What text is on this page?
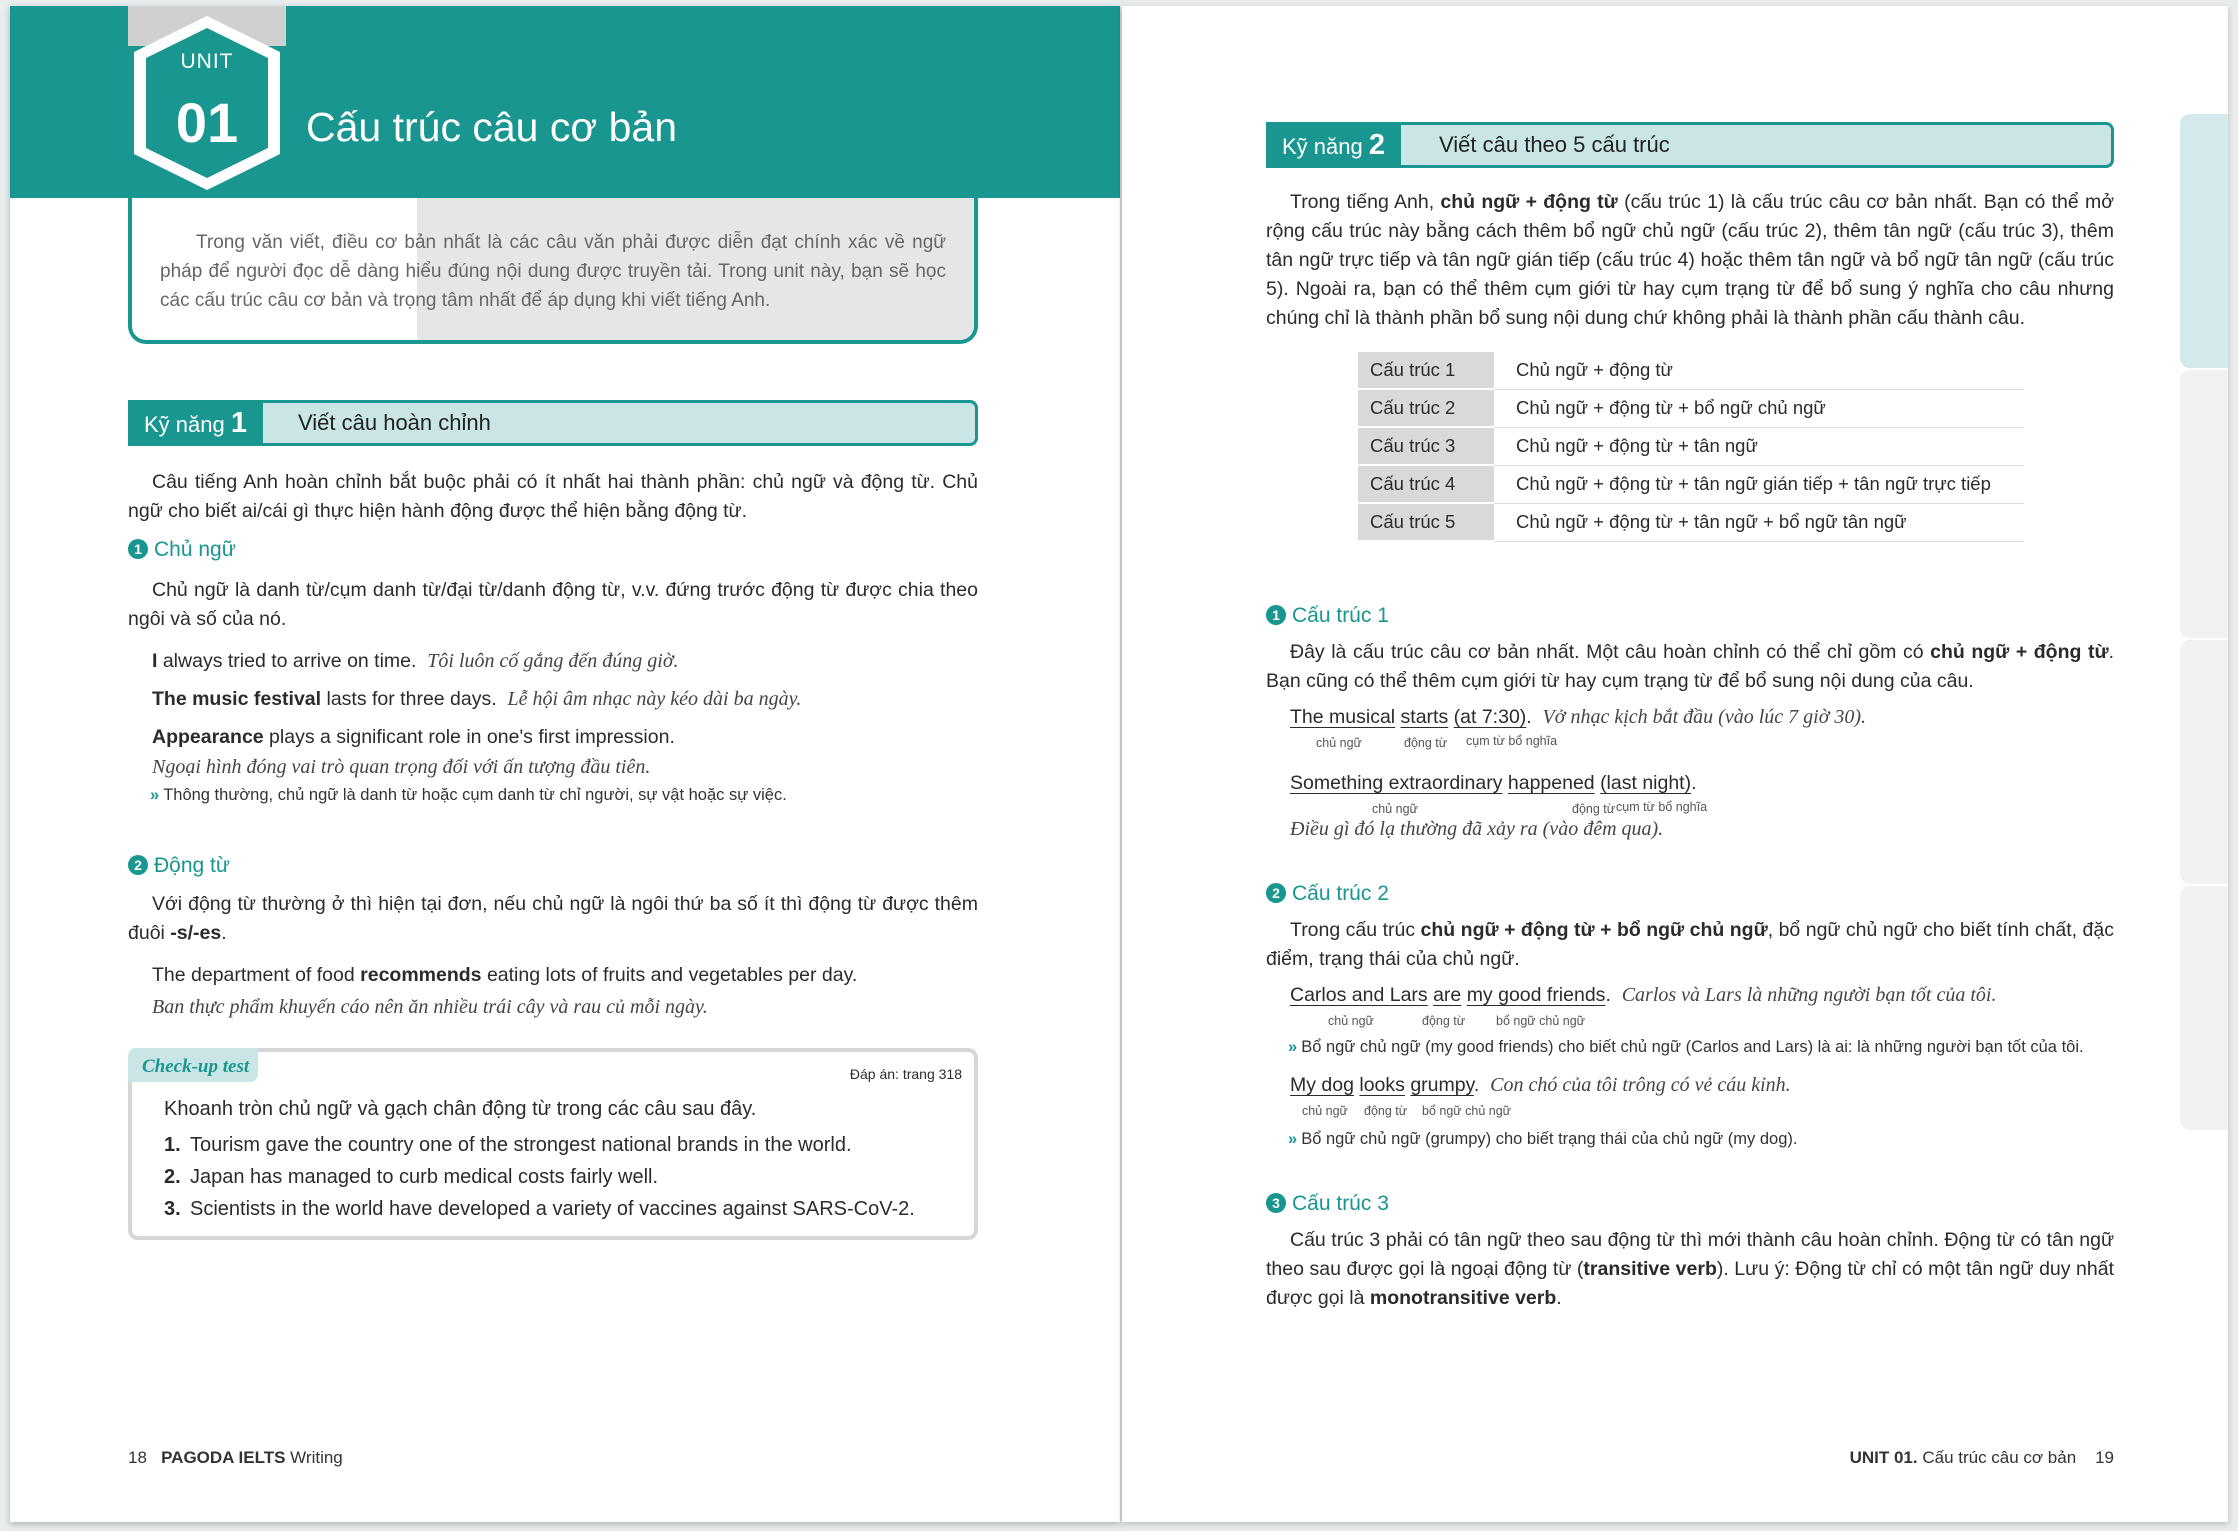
UNIT
01	Cấu trúc câu cơ bản
Trong văn viết, điều cơ bản nhất là các câu văn phải được diễn đạt chính xác về ngữ pháp để người đọc dễ dàng hiểu đúng nội dung được truyền tải. Trong unit này, bạn sẽ học các cấu trúc câu cơ bản và trọng tâm nhất để áp dụng khi viết tiếng Anh.
Kỹ năng 1	Viết câu hoàn chỉnh
Câu tiếng Anh hoàn chỉnh bắt buộc phải có ít nhất hai thành phần: chủ ngữ và động từ. Chủ ngữ cho biết ai/cái gì thực hiện hành động được thể hiện bằng động từ.
1 Chủ ngữ
Chủ ngữ là danh từ/cụm danh từ/đại từ/danh động từ, v.v. đứng trước động từ được chia theo ngôi và số của nó.
I always tried to arrive on time. Tôi luôn cố gắng đến đúng giờ.
The music festival lasts for three days. Lễ hội âm nhạc này kéo dài ba ngày.
Appearance plays a significant role in one's first impression.
Ngoại hình đóng vai trò quan trọng đối với ấn tượng đầu tiên.
» Thông thường, chủ ngữ là danh từ hoặc cụm danh từ chỉ người, sự vật hoặc sự việc.
2 Động từ
Với động từ thường ở thì hiện tại đơn, nếu chủ ngữ là ngôi thứ ba số ít thì động từ được thêm đuôi -s/-es.
The department of food recommends eating lots of fruits and vegetables per day.
Ban thực phẩm khuyến cáo nên ăn nhiều trái cây và rau củ mỗi ngày.
Check-up test	Đáp án: trang 318
Khoanh tròn chủ ngữ và gạch chân động từ trong các câu sau đây.
1. Tourism gave the country one of the strongest national brands in the world.
2. Japan has managed to curb medical costs fairly well.
3. Scientists in the world have developed a variety of vaccines against SARS-CoV-2.
18 PAGODA IELTS Writing
Kỹ năng 2	Viết câu theo 5 cấu trúc
Trong tiếng Anh, chủ ngữ + động từ (cấu trúc 1) là cấu trúc câu cơ bản nhất. Bạn có thể mở rộng cấu trúc này bằng cách thêm bổ ngữ chủ ngữ (cấu trúc 2), thêm tân ngữ (cấu trúc 3), thêm tân ngữ trực tiếp và tân ngữ gián tiếp (cấu trúc 4) hoặc thêm tân ngữ và bổ ngữ tân ngữ (cấu trúc 5). Ngoài ra, bạn có thể thêm cụm giới từ hay cụm trạng từ để bổ sung ý nghĩa cho câu nhưng chúng chỉ là thành phần bổ sung nội dung chứ không phải là thành phần cấu thành câu.
Cấu trúc 1	Chủ ngữ + động từ
Cấu trúc 2	Chủ ngữ + động từ + bổ ngữ chủ ngữ
Cấu trúc 3	Chủ ngữ + động từ + tân ngữ
Cấu trúc 4	Chủ ngữ + động từ + tân ngữ gián tiếp + tân ngữ trực tiếp
Cấu trúc 5	Chủ ngữ + động từ + tân ngữ + bổ ngữ tân ngữ
1 Cấu trúc 1
Đây là cấu trúc câu cơ bản nhất. Một câu hoàn chỉnh có thể chỉ gồm có chủ ngữ + động từ. Bạn cũng có thể thêm cụm giới từ hay cụm trạng từ để bổ sung nội dung của câu.
The musical starts (at 7:30). Vở nhạc kịch bắt đầu (vào lúc 7 giờ 30).
chủ ngữ	động từ cụm từ bổ nghĩa
Something extraordinary happened (last night).
chủ ngữ	động từ cụm từ bổ nghĩa
Điều gì đó lạ thường đã xảy ra (vào đêm qua).
2 Cấu trúc 2
Trong cấu trúc chủ ngữ + động từ + bổ ngữ chủ ngữ, bổ ngữ chủ ngữ cho biết tính chất, đặc điểm, trạng thái của chủ ngữ.
Carlos and Lars are my good friends. Carlos và Lars là những người bạn tốt của tôi.
chủ ngữ	động từ bổ ngữ chủ ngữ
» Bổ ngữ chủ ngữ (my good friends) cho biết chủ ngữ (Carlos and Lars) là ai: là những người bạn tốt của tôi.
My dog looks grumpy. Con chó của tôi trông có vẻ cáu kỉnh.
chủ ngữ động từ bổ ngữ chủ ngữ
» Bổ ngữ chủ ngữ (grumpy) cho biết trạng thái của chủ ngữ (my dog).
3 Cấu trúc 3
Cấu trúc 3 phải có tân ngữ theo sau động từ thì mới thành câu hoàn chỉnh. Động từ có tân ngữ theo sau được gọi là ngoại động từ (transitive verb). Lưu ý: Động từ chỉ có một tân ngữ duy nhất được gọi là monotransitive verb.
UNIT 01. Cấu trúc câu cơ bản 19
